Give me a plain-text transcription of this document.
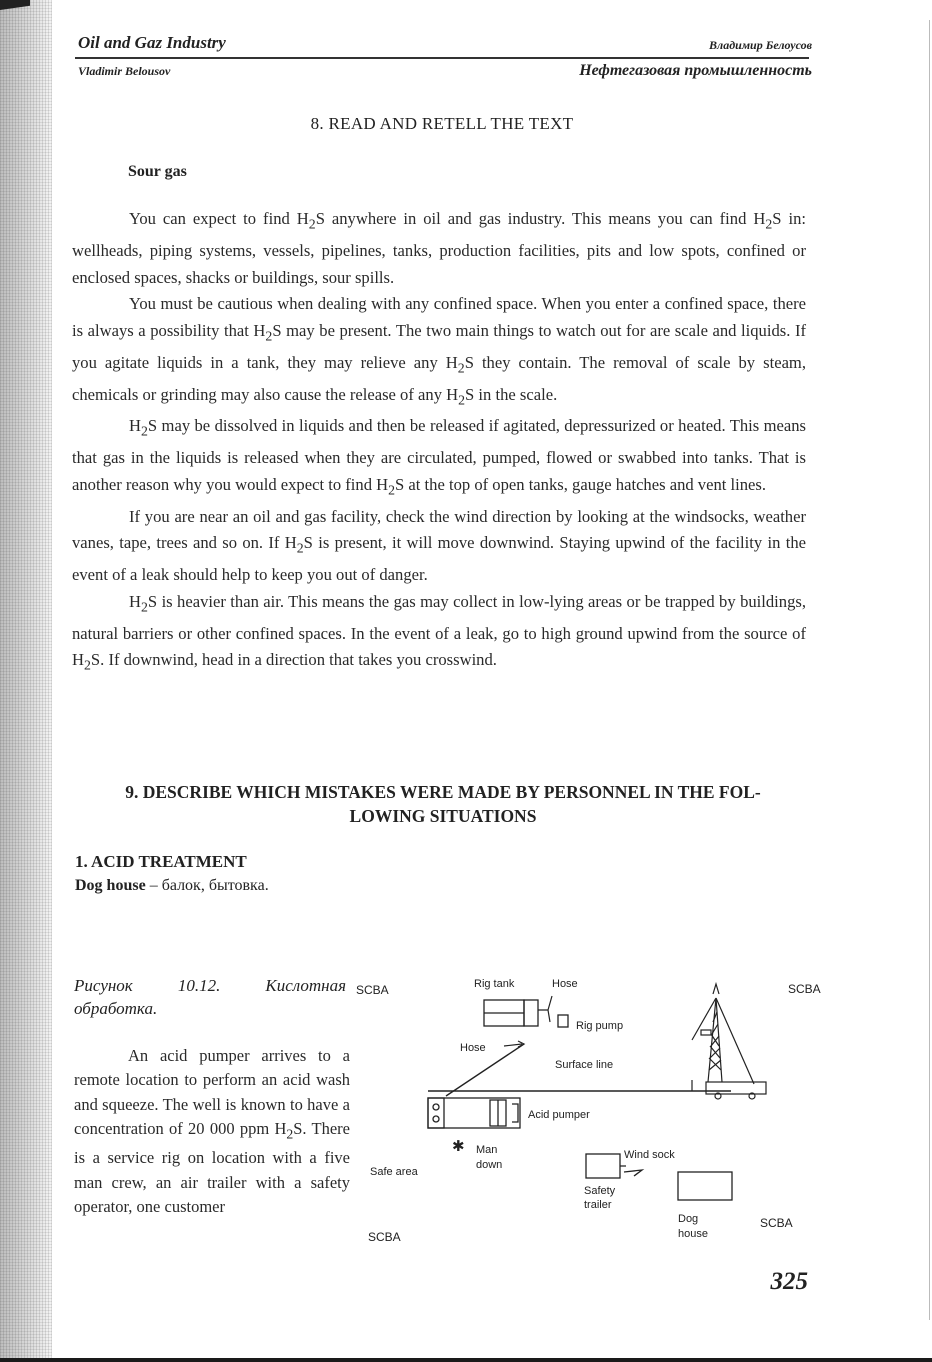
Oil and Gaz Industry	Владимир Белоусов
Vladimir Belousov	Нефтегазовая промышленность
8. READ AND RETELL THE TEXT
Sour gas

You can expect to find $H_2S$ anywhere in oil and gas industry. This means you can find $H_2S$ in: wellheads, piping systems, vessels, pipelines, tanks, production facilities, pits and low spots, confined or enclosed spaces, shacks or buildings, sour spills.

You must be cautious when dealing with any confined space. When you enter a confined space, there is always a possibility that $H_2S$ may be present. The two main things to watch out for are scale and liquids. If you agitate liquids in a tank, they may relieve any $H_2S$ they contain. The removal of scale by steam, chemicals or grinding may also cause the release of any $H_2S$ in the scale.

$H_2S$ may be dissolved in liquids and then be released if agitated, depressurized or heated. This means that gas in the liquids is released when they are circulated, pumped, flowed or swabbed into tanks. That is another reason why you would expect to find $H_2S$ at the top of open tanks, gauge hatches and vent lines.

If you are near an oil and gas facility, check the wind direction by looking at the windsocks, weather vanes, tape, trees and so on. If $H_2S$ is present, it will move downwind. Staying upwind of the facility in the event of a leak should help to keep you out of danger.

$H_2S$ is heavier than air. This means the gas may collect in low-lying areas or be trapped by buildings, natural barriers or other confined spaces. In the event of a leak, go to high ground upwind from the source of $H_2S$. If downwind, head in a direction that takes you crosswind.

9. DESCRIBE WHICH MISTAKES WERE MADE BY PERSONNEL IN THE FOL-
LOWING SITUATIONS
1. ACID TREATMENT
Dog house – балок, бытовка.
Рисунок 10.12. Кислотная обработка.

An acid pumper arrives to a remote location to perform an acid wash and squeeze. The well is known to have a concentration of 20 000 ppm $H_2S$. There is a service rig on location with a five man crew, an air trailer with a safety operator, one customer

SCBA	SCBA
SCBA
SCBA
Rig tank	Hose
Rig pump
Hose
Surface line
Acid pumper
✱ Man
down
Safe area
Wind sock
Safety
trailer
Dog
house
325
